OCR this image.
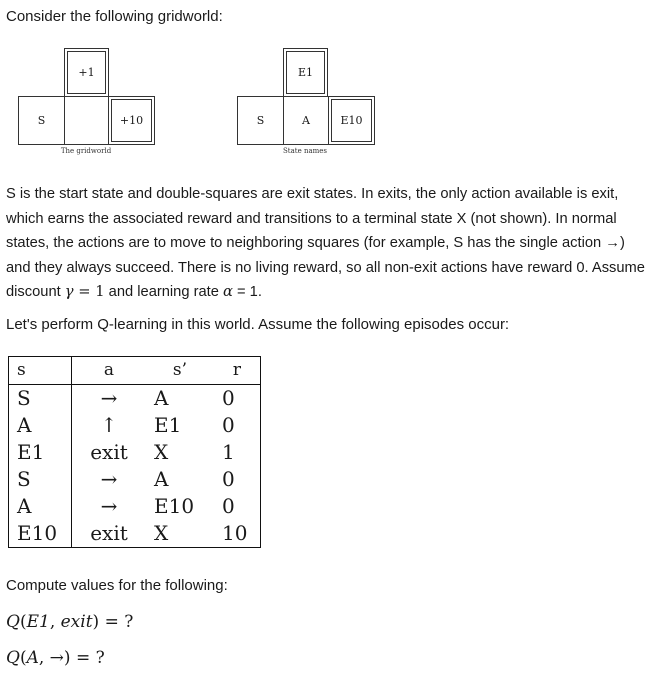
Consider the following gridworld:
+1
S	+10
The gridworld
E1
S	A	E10
State names
S is the start state and double-squares are exit states. In exits, the only action available is exit, which earns the associated reward and transitions to a terminal state X (not shown). In normal states, the actions are to move to neighboring squares (for example, S has the single action →) and they always succeed. There is no living reward, so all non-exit actions have reward 0. Assume discount γ = 1 and learning rate α = 1.
Let's perform Q-learning in this world. Assume the following episodes occur:
s	a	s’	r
S	→	A	0
A	↑	E1	0
E1	exit	X	1
S	→	A	0
A	→	E10	0
E10	exit	X	10
Compute values for the following:
Q(E1, exit) = ?
Q(A, →) = ?
